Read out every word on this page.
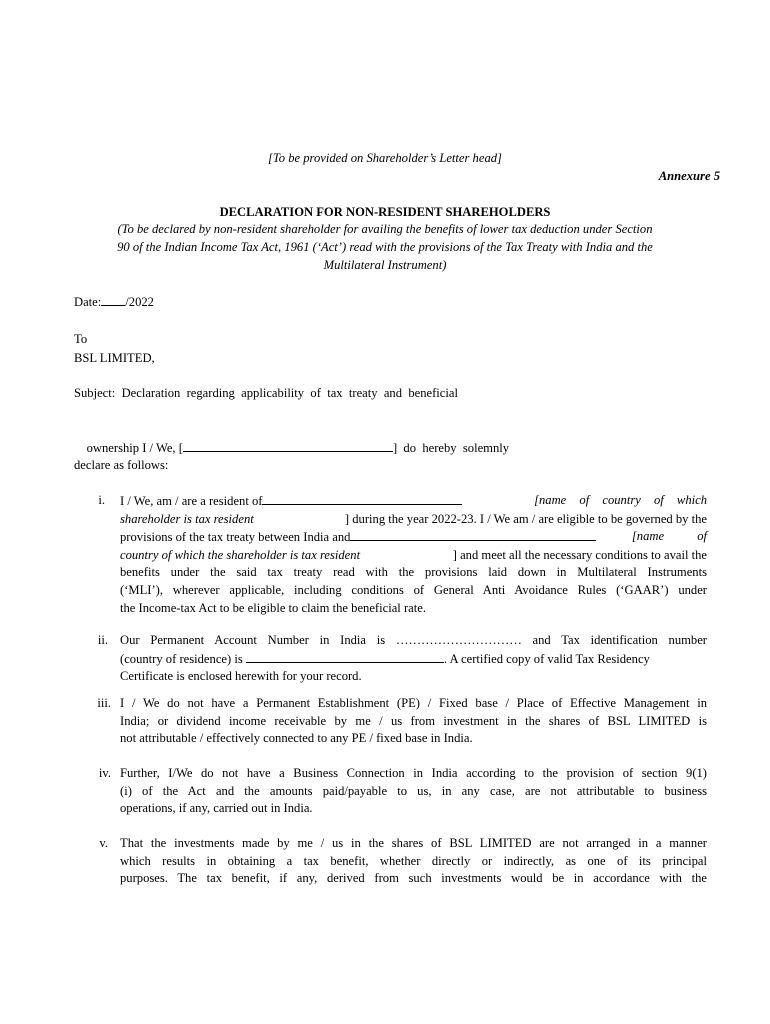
[To be provided on Shareholder’s Letter head]
Annexure 5
DECLARATION FOR NON-RESIDENT SHAREHOLDERS
(To be declared by non-resident shareholder for availing the benefits of lower tax deduction under Section
90 of the Indian Income Tax Act, 1961 (‘Act’) read with the provisions of the Tax Treaty with India and the
Multilateral Instrument)
Date: /2022
To
BSL LIMITED,
Subject:  Declaration  regarding  applicability  of  tax  treaty  and  beneficial

ownership I / We, [	]  do  hereby  solemnly

declare as follows:
i. I / We, am / are a resident of	[name of country of which
shareholder is tax resident	] during the year 2022-23. I / We am / are eligible to be governed by the
provisions of the tax treaty between India and	[name of
country of which the shareholder is tax resident	] and meet all the necessary conditions to avail the
benefits under the said tax treaty read with the provisions laid down in Multilateral Instruments
(‘MLI’), wherever applicable, including conditions of General Anti Avoidance Rules (‘GAAR’) under
the Income-tax Act to be eligible to claim the beneficial rate.
ii. Our Permanent Account Number in India is ………………………… and Tax identification number
(country of residence) is	. A certified copy of valid Tax Residency
Certificate is enclosed herewith for your record.
iii. I / We do not have a Permanent Establishment (PE) / Fixed base / Place of Effective Management in
India; or dividend income receivable by me / us from investment in the shares of BSL LIMITED is
not attributable / effectively connected to any PE / fixed base in India.
iv. Further, I/We do not have a Business Connection in India according to the provision of section 9(1)
(i) of the Act and the amounts paid/payable to us, in any case, are not attributable to business
operations, if any, carried out in India.
v. That the investments made by me / us in the shares of BSL LIMITED are not arranged in a manner
which results in obtaining a tax benefit, whether directly or indirectly, as one of its principal
purposes. The tax benefit, if any, derived from such investments would be in accordance with the
